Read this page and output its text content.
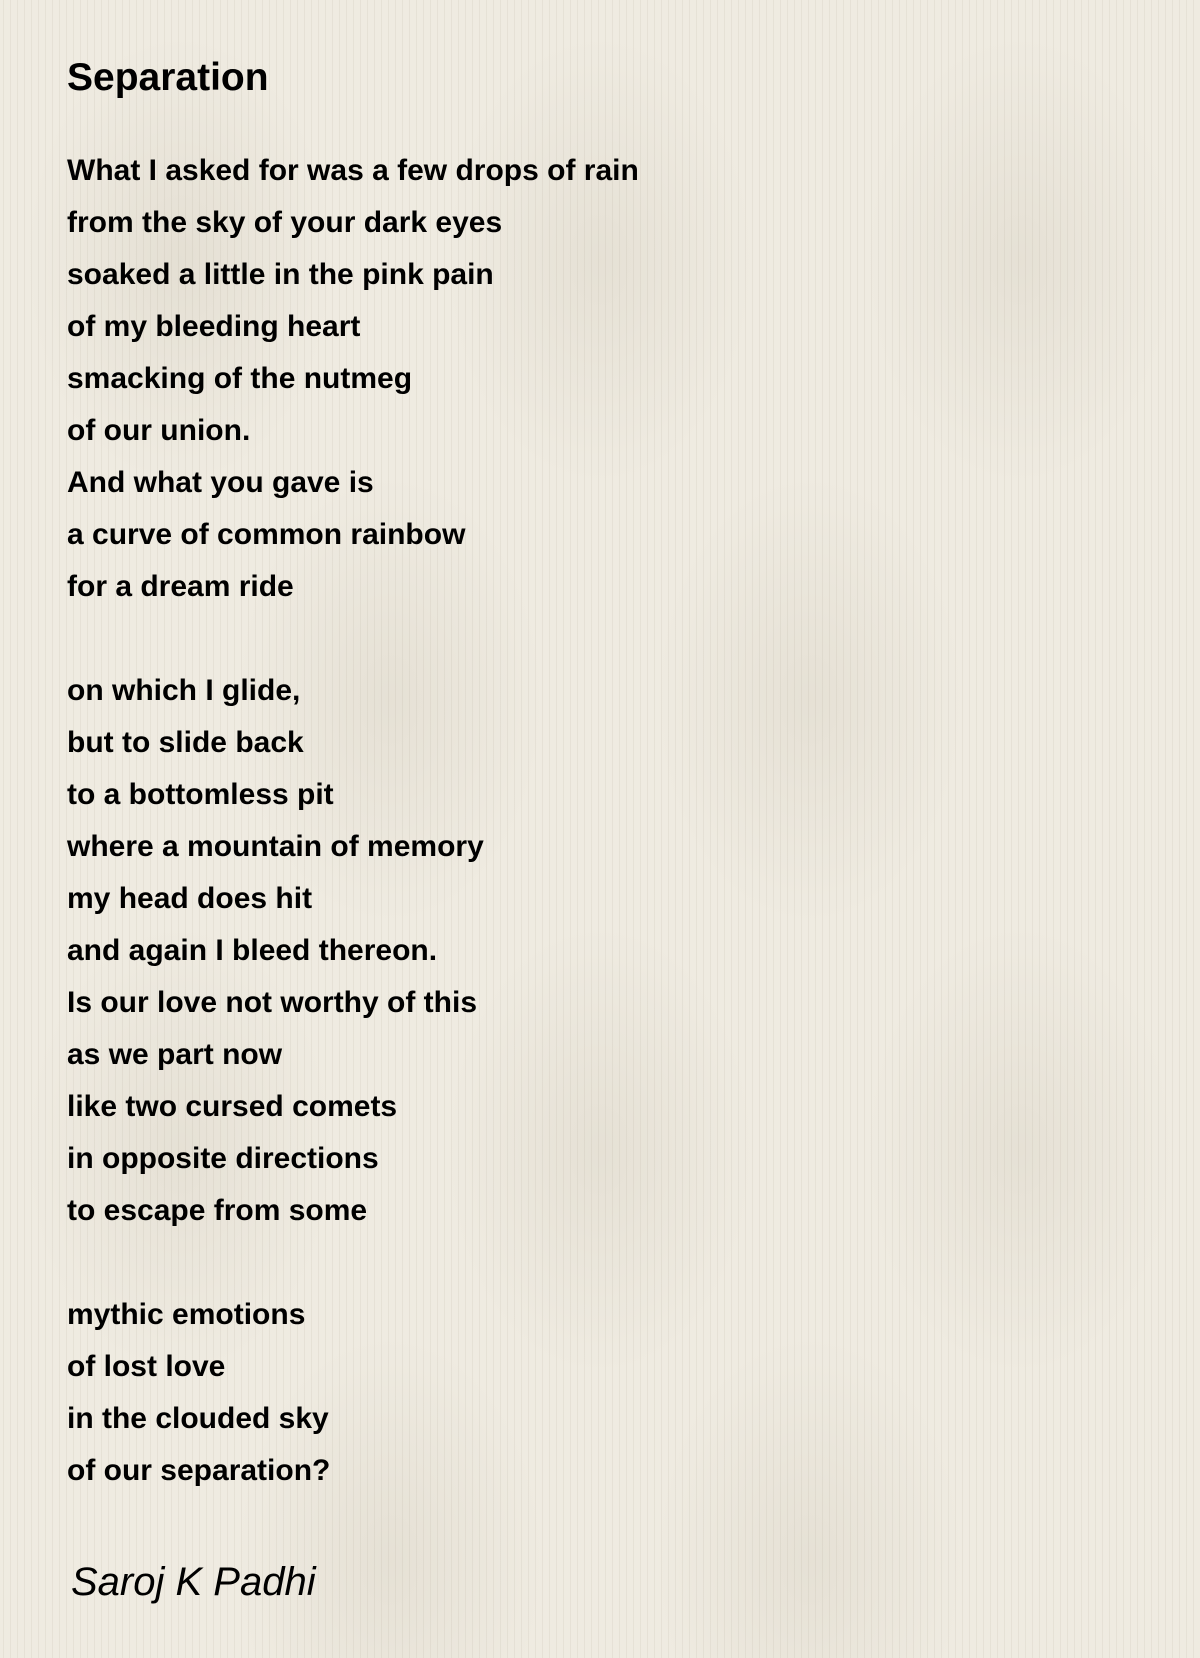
Separation
What I asked for was a few drops of rain
from the sky of your dark eyes
soaked a little in the pink pain
of my bleeding heart
smacking of the nutmeg
of our union.
And what you gave is
a curve of common rainbow
for a dream ride
on which I glide,
but to slide back
to a bottomless pit
where a mountain of memory
my head does hit
and again I bleed thereon.
Is our love not worthy of this
as we part now
like two cursed comets
in opposite directions
to escape from some
mythic emotions
of lost love
in the clouded sky
of our separation?
Saroj K Padhi
